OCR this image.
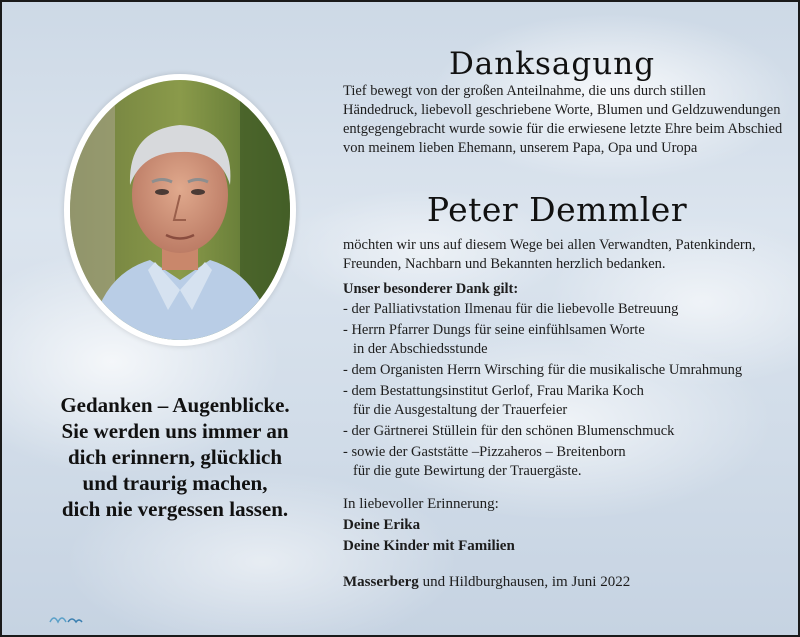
Gedanken – Augenblicke.
Sie werden uns immer an
dich erinnern, glücklich
und traurig machen,
dich nie vergessen lassen.
Danksagung
Tief bewegt von der großen Anteilnahme, die uns durch stillen Händedruck, liebevoll geschriebene Worte, Blumen und Geldzuwendungen entgegengebracht wurde sowie für die erwiesene letzte Ehre beim Abschied von meinem lieben Ehemann, unserem Papa, Opa und Uropa
Peter Demmler
möchten wir uns auf diesem Wege bei allen Verwandten, Patenkindern, Freunden, Nachbarn und Bekannten herzlich bedanken.
Unser besonderer Dank gilt:
- der Palliativstation Ilmenau für die liebevolle Betreuung
- Herrn Pfarrer Dungs für seine einfühlsamen Worte
in der Abschiedsstunde
- dem Organisten Herrn Wirsching für die musikalische Umrahmung
- dem Bestattungsinstitut Gerlof, Frau Marika Koch
für die Ausgestaltung der Trauerfeier
- der Gärtnerei Stüllein für den schönen Blumenschmuck
- sowie der Gaststätte –Pizzaheros – Breitenborn
für die gute Bewirtung der Trauergäste.
In liebevoller Erinnerung:
Deine Erika
Deine Kinder mit Familien
Masserberg und Hildburghausen, im Juni 2022
